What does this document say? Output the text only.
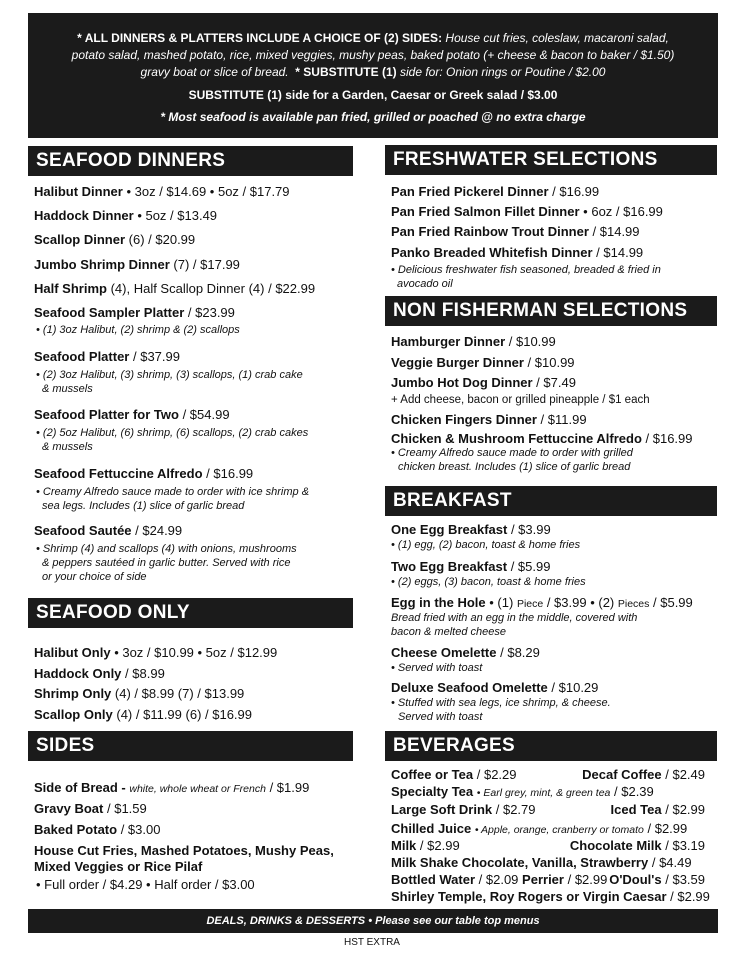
* ALL DINNERS & PLATTERS INCLUDE A CHOICE OF (2) SIDES: House cut fries, coleslaw, macaroni salad,
potato salad, mashed potato, rice, mixed veggies, mushy peas, baked potato (+ cheese & bacon to baker / $1.50)
gravy boat or slice of bread. * SUBSTITUTE (1) side for: Onion rings or Poutine / $2.00
SUBSTITUTE (1) side for a Garden, Caesar or Greek salad / $3.00
* Most seafood is available pan fried, grilled or poached @ no extra charge
SEAFOOD DINNERS
Halibut Dinner • 3oz / $14.69 • 5oz / $17.79
Haddock Dinner • 5oz / $13.49
Scallop Dinner (6) / $20.99
Jumbo Shrimp Dinner (7) / $17.99
Half Shrimp (4), Half Scallop Dinner (4) / $22.99
Seafood Sampler Platter / $23.99
• (1) 3oz Halibut, (2) shrimp & (2) scallops
Seafood Platter / $37.99
• (2) 3oz Halibut, (3) shrimp, (3) scallops, (1) crab cake
& mussels
Seafood Platter for Two / $54.99
• (2) 5oz Halibut, (6) shrimp, (6) scallops, (2) crab cakes
& mussels
Seafood Fettuccine Alfredo / $16.99
• Creamy Alfredo sauce made to order with ice shrimp &
sea legs. Includes (1) slice of garlic bread
Seafood Sautée / $24.99
• Shrimp (4) and scallops (4) with onions, mushrooms
& peppers sautéed in garlic butter. Served with rice
or your choice of side
SEAFOOD ONLY
Halibut Only • 3oz / $10.99 • 5oz / $12.99
Haddock Only / $8.99
Shrimp Only (4) / $8.99 (7) / $13.99
Scallop Only (4) / $11.99 (6) / $16.99
SIDES
Side of Bread - white, whole wheat or French / $1.99
Gravy Boat / $1.59
Baked Potato / $3.00
House Cut Fries, Mashed Potatoes, Mushy Peas,
Mixed Veggies or Rice Pilaf
• Full order / $4.29 • Half order / $3.00
FRESHWATER SELECTIONS
Pan Fried Pickerel Dinner / $16.99
Pan Fried Salmon Fillet Dinner • 6oz / $16.99
Pan Fried Rainbow Trout Dinner / $14.99
Panko Breaded Whitefish Dinner / $14.99
• Delicious freshwater fish seasoned, breaded & fried in
avocado oil
NON FISHERMAN SELECTIONS
Hamburger Dinner / $10.99
Veggie Burger Dinner / $10.99
Jumbo Hot Dog Dinner / $7.49
+ Add cheese, bacon or grilled pineapple / $1 each
Chicken Fingers Dinner / $11.99
Chicken & Mushroom Fettuccine Alfredo / $16.99
• Creamy Alfredo sauce made to order with grilled
chicken breast. Includes (1) slice of garlic bread
BREAKFAST
One Egg Breakfast / $3.99
• (1) egg, (2) bacon, toast & home fries
Two Egg Breakfast / $5.99
• (2) eggs, (3) bacon, toast & home fries
Egg in the Hole • (1) Piece / $3.99 • (2) Pieces / $5.99
Bread fried with an egg in the middle, covered with
bacon & melted cheese
Cheese Omelette / $8.29
• Served with toast
Deluxe Seafood Omelette / $10.29
• Stuffed with sea legs, ice shrimp, & cheese.
Served with toast
BEVERAGES
Coffee or Tea / $2.29	Decaf Coffee / $2.49
Specialty Tea • Earl grey, mint, & green tea / $2.39
Large Soft Drink / $2.79	Iced Tea / $2.99
Chilled Juice • Apple, orange, cranberry or tomato / $2.99
Milk / $2.99	Chocolate Milk / $3.19
Milk Shake Chocolate, Vanilla, Strawberry / $4.49
Bottled Water / $2.09 Perrier / $2.99 O'Doul's / $3.59
Shirley Temple, Roy Rogers or Virgin Caesar / $2.99
DEALS, DRINKS & DESSERTS • Please see our table top menus
HST EXTRA
